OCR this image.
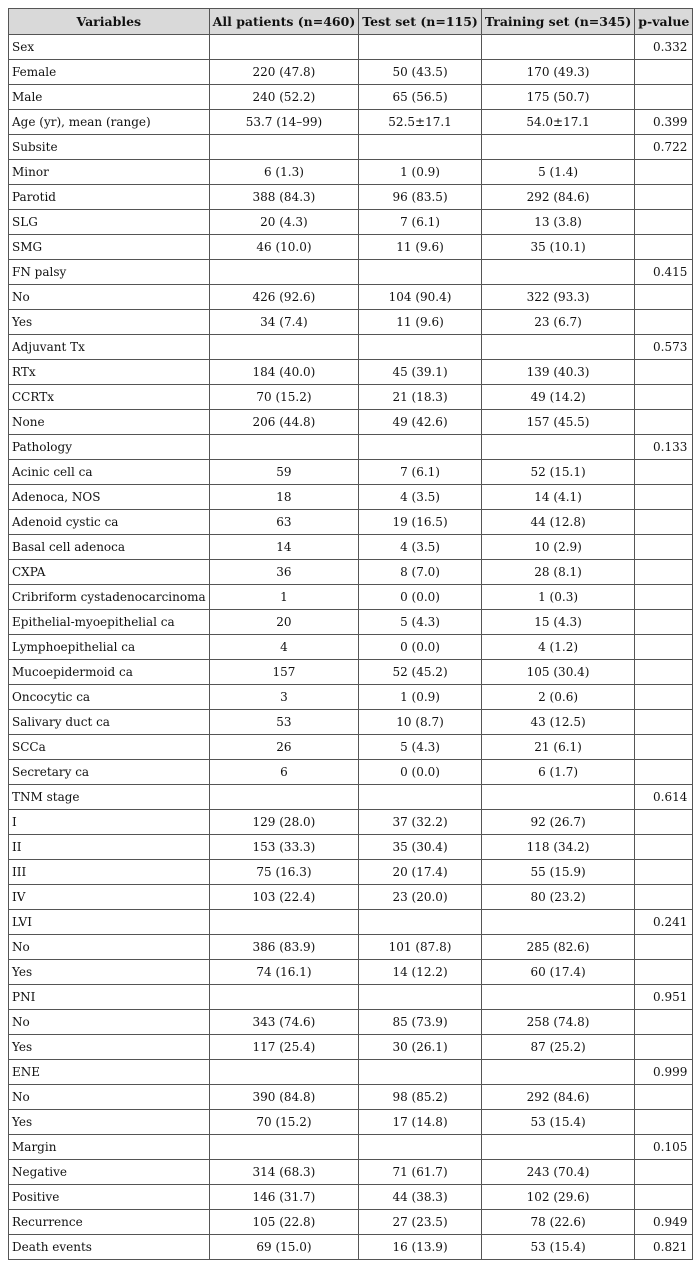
Variables	All patients (n=460)	Test set (n=115)	Training set (n=345)	p-value
Sex				0.332
Female	220 (47.8)	50 (43.5)	170 (49.3)	
Male	240 (52.2)	65 (56.5)	175 (50.7)	
Age (yr), mean (range)	53.7 (14–99)	52.5±17.1	54.0±17.1	0.399
Subsite				0.722
Minor	6 (1.3)	1 (0.9)	5 (1.4)	
Parotid	388 (84.3)	96 (83.5)	292 (84.6)	
SLG	20 (4.3)	7 (6.1)	13 (3.8)	
SMG	46 (10.0)	11 (9.6)	35 (10.1)	
FN palsy				0.415
No	426 (92.6)	104 (90.4)	322 (93.3)	
Yes	34 (7.4)	11 (9.6)	23 (6.7)	
Adjuvant Tx				0.573
RTx	184 (40.0)	45 (39.1)	139 (40.3)	
CCRTx	70 (15.2)	21 (18.3)	49 (14.2)	
None	206 (44.8)	49 (42.6)	157 (45.5)	
Pathology				0.133
Acinic cell ca	59	7 (6.1)	52 (15.1)	
Adenoca, NOS	18	4 (3.5)	14 (4.1)	
Adenoid cystic ca	63	19 (16.5)	44 (12.8)	
Basal cell adenoca	14	4 (3.5)	10 (2.9)	
CXPA	36	8 (7.0)	28 (8.1)	
Cribriform cystadenocarcinoma	1	0 (0.0)	1 (0.3)	
Epithelial-myoepithelial ca	20	5 (4.3)	15 (4.3)	
Lymphoepithelial ca	4	0 (0.0)	4 (1.2)	
Mucoepidermoid ca	157	52 (45.2)	105 (30.4)	
Oncocytic ca	3	1 (0.9)	2 (0.6)	
Salivary duct ca	53	10 (8.7)	43 (12.5)	
SCCa	26	5 (4.3)	21 (6.1)	
Secretary ca	6	0 (0.0)	6 (1.7)	
TNM stage				0.614
I	129 (28.0)	37 (32.2)	92 (26.7)	
II	153 (33.3)	35 (30.4)	118 (34.2)	
III	75 (16.3)	20 (17.4)	55 (15.9)	
IV	103 (22.4)	23 (20.0)	80 (23.2)	
LVI				0.241
No	386 (83.9)	101 (87.8)	285 (82.6)	
Yes	74 (16.1)	14 (12.2)	60 (17.4)	
PNI				0.951
No	343 (74.6)	85 (73.9)	258 (74.8)	
Yes	117 (25.4)	30 (26.1)	87 (25.2)	
ENE				0.999
No	390 (84.8)	98 (85.2)	292 (84.6)	
Yes	70 (15.2)	17 (14.8)	53 (15.4)	
Margin				0.105
Negative	314 (68.3)	71 (61.7)	243 (70.4)	
Positive	146 (31.7)	44 (38.3)	102 (29.6)	
Recurrence	105 (22.8)	27 (23.5)	78 (22.6)	0.949
Death events	69 (15.0)	16 (13.9)	53 (15.4)	0.821
